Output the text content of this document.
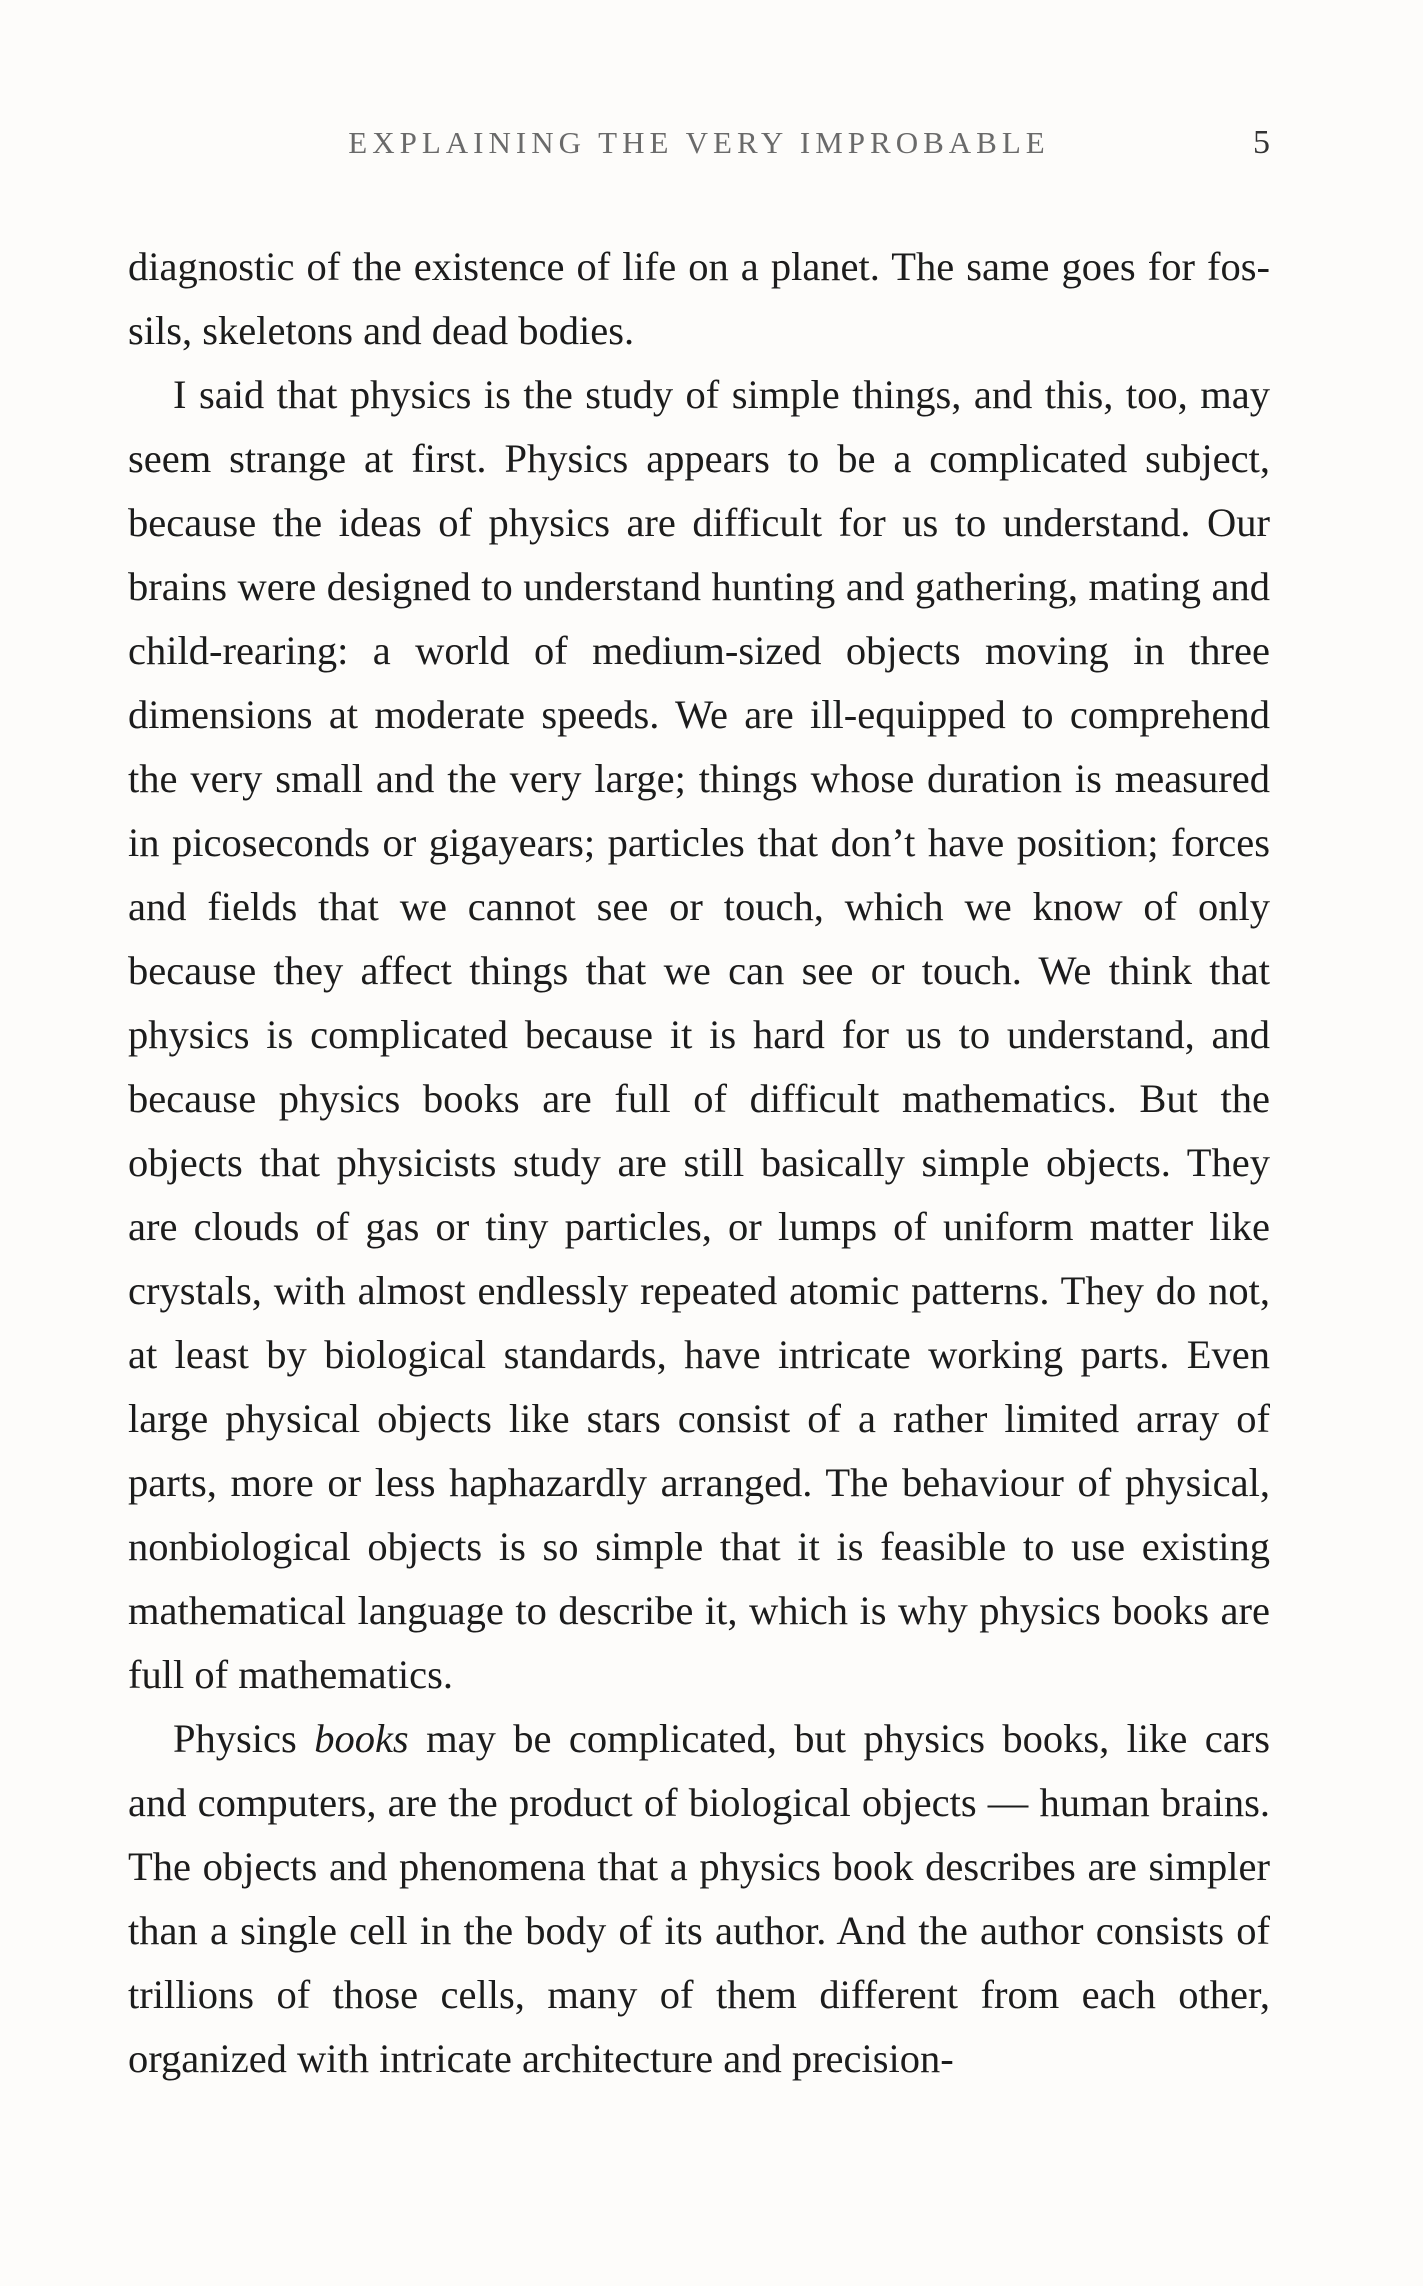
EXPLAINING THE VERY IMPROBABLE	5

diagnostic of the existence of life on a planet. The same goes for fossils, skeletons and dead bodies.

I said that physics is the study of simple things, and this, too, may seem strange at first. Physics appears to be a complicated subject, because the ideas of physics are difficult for us to understand. Our brains were designed to understand hunting and gathering, mating and child-rearing: a world of medium-sized objects moving in three dimensions at moderate speeds. We are ill-equipped to comprehend the very small and the very large; things whose duration is measured in picoseconds or gigayears; particles that don’t have position; forces and fields that we cannot see or touch, which we know of only because they affect things that we can see or touch. We think that physics is complicated because it is hard for us to understand, and because physics books are full of difficult mathematics. But the objects that physicists study are still basically simple objects. They are clouds of gas or tiny particles, or lumps of uniform matter like crystals, with almost endlessly repeated atomic patterns. They do not, at least by biological standards, have intricate working parts. Even large physical objects like stars consist of a rather limited array of parts, more or less haphazardly arranged. The behaviour of physical, nonbiological objects is so simple that it is feasible to use existing mathematical language to describe it, which is why physics books are full of mathematics.

Physics books may be complicated, but physics books, like cars and computers, are the product of biological objects — human brains. The objects and phenomena that a physics book describes are simpler than a single cell in the body of its author. And the author consists of trillions of those cells, many of them different from each other, organized with intricate architecture and precision-
